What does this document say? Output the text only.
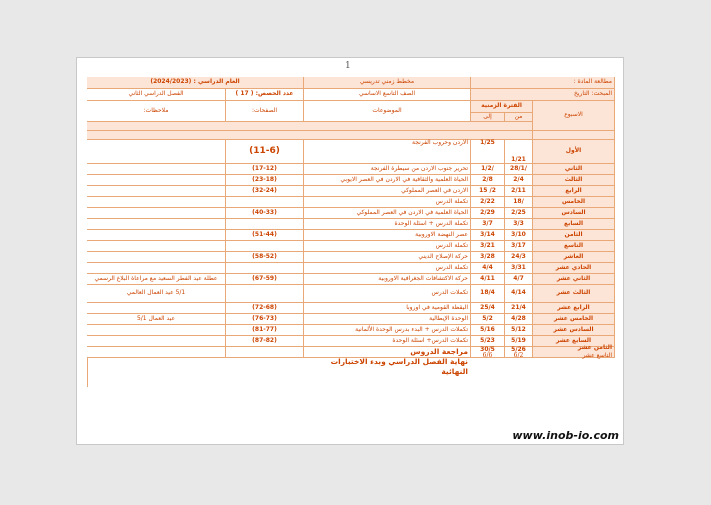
1
مطالعة المادة :
مخطط زمني تدريسي
العام الدراسي : (2024/2023)
المبحث: التاريخ
الصف التاسع الاساسي
عدد الحصص: ( 17 )
الفصل الدراسي الثاني
الاسبوع
الفترة الزمنية
من
إلى
الموضوعات
الصفحات:
ملاحظات:
الأول
1/21
1/25
الاردن وحروب الفرنجة
(11-6)
الثاني
/28/1
/1/2
تحرير جنوب الاردن من سيطرة الفرنجة
(17-12)
الثالث
2/4
2/8
الحياة العلمية والثقافية في الاردن في العصر الايوبي
(23-18)
الرابع
2/11
2/ 15
الاردن في العصر المملوكي
(32-24)
الخامس
/18
2/22
تكملة الدرس
السادس
2/25
2/29
الحياة العلمية في الاردن في العصر المملوكي
(40-33)
السابع
3/3
3/7
تكملة الدرس + اسئلة الوحدة
الثامن
3/10
3/14
عصر النهضة الاوروبية
(51-44)
التاسع
3/17
3/21
تكملة الدرس
العاشر
24/3
3/28
حركة الإصلاح الديني
(58-52)
الحادي عشر
3/31
4/4
تكملة الدرس
الثاني عشر
4/7
4/11
حركة الاكتشافات الجغرافية الاوروبية
(67-59)
عطلة عيد الفطر السعيد مع مراعاة البلاغ الرسمي
الثالث عشر
4/14
18/4
تكملات الدرس
5/1 عيد العمال العالمي
الرابع عشر
21/4
25/4
اليقظة القومية في اوروبا
(72-68)
الخامس عشر
4/28
5/2
الوحدة الإيطالية
(76-73)
عيد العمال 5/1
السادس عشر
5/12
5/16
تكملات الدرس + البدء بدرس الوحدة الألمانية
(81-77)
السابع عشر
5/19
5/23
تكملات الدرس+ اسئلة الوحدة
(87-82)
الثامن عشر
التاسع عشر
5/26
6/2
30/5
6/6
مراجعة الدروس
نهاية الفصل الدراسي وبدء الاختبارات
النهائية
www.inob-io.com
